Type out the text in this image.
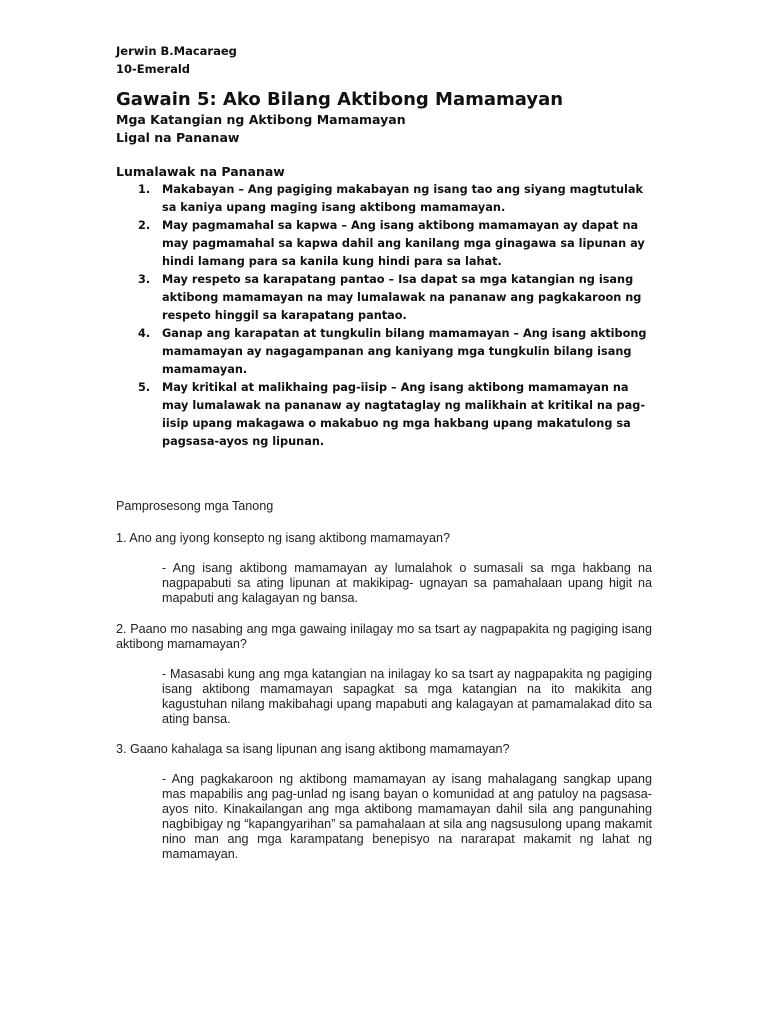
Jerwin B.Macaraeg
10-Emerald
Gawain 5: Ako Bilang Aktibong Mamamayan
Mga Katangian ng Aktibong Mamamayan
Ligal na Pananaw
Lumalawak na Pananaw
1.	Makabayan – Ang pagiging makabayan ng isang tao ang siyang magtutulak sa kaniya upang maging isang aktibong mamamayan.
2.	May pagmamahal sa kapwa – Ang isang aktibong mamamayan ay dapat na may pagmamahal sa kapwa dahil ang kanilang mga ginagawa sa lipunan ay hindi lamang para sa kanila kung hindi para sa lahat.
3.	May respeto sa karapatang pantao – Isa dapat sa mga katangian ng isang aktibong mamamayan na may lumalawak na pananaw ang pagkakaroon ng respeto hinggil sa karapatang pantao.
4.	Ganap ang karapatan at tungkulin bilang mamamayan – Ang isang aktibong mamamayan ay nagagampanan ang kaniyang mga tungkulin bilang isang mamamayan.
5.	May kritikal at malikhaing pag-iisip – Ang isang aktibong mamamayan na may lumalawak na pananaw ay nagtataglay ng malikhain at kritikal na pag-iisip upang makagawa o makabuo ng mga hakbang upang makatulong sa pagsasa-ayos ng lipunan.
Pamprosesong mga Tanong
1. Ano ang iyong konsepto ng isang aktibong mamamayan?
- Ang isang aktibong mamamayan ay lumalahok o sumasali sa mga hakbang na nagpapabuti sa ating lipunan at makikipag- ugnayan sa pamahalaan upang higit na mapabuti ang kalagayan ng bansa.
2. Paano mo nasabing ang mga gawaing inilagay mo sa tsart ay nagpapakita ng pagiging isang aktibong mamamayan?
- Masasabi kung ang mga katangian na inilagay ko sa tsart ay nagpapakita ng pagiging isang aktibong mamamayan sapagkat sa mga katangian na ito makikita ang kagustuhan nilang makibahagi upang mapabuti ang kalagayan at pamamalakad dito sa ating bansa.
3. Gaano kahalaga sa isang lipunan ang isang aktibong mamamayan?
- Ang pagkakaroon ng aktibong mamamayan ay isang mahalagang sangkap upang mas mapabilis ang pag-unlad ng isang bayan o komunidad at ang patuloy na pagsasa-ayos nito. Kinakailangan ang mga aktibong mamamayan dahil sila ang pangunahing nagbibigay ng “kapangyarihan” sa pamahalaan at sila ang nagsusulong upang makamit nino man ang mga karampatang benepisyo na nararapat makamit ng lahat ng mamamayan.
